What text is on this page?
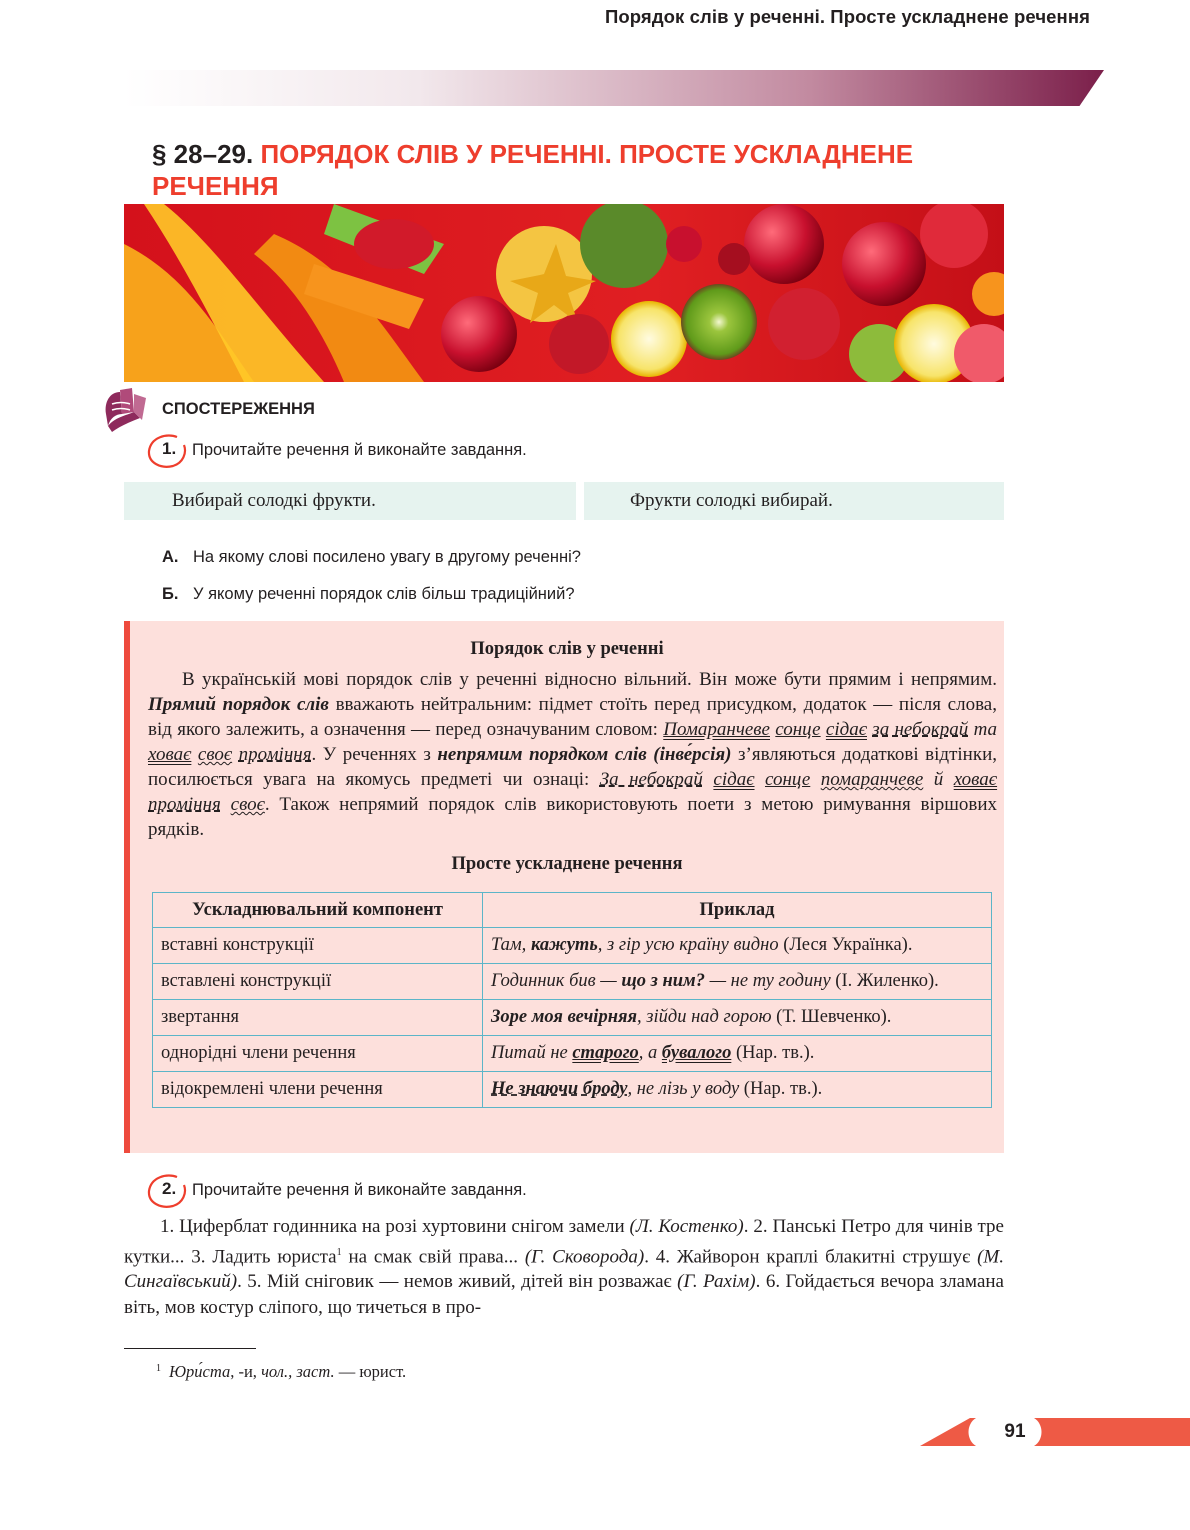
Порядок слів у реченні. Просте ускладнене речення
§ 28–29. ПОРЯДОК СЛІВ У РЕЧЕННІ. ПРОСТЕ УСКЛАДНЕНЕ РЕЧЕННЯ
СПОСТЕРЕЖЕННЯ
1. Прочитайте речення й виконайте завдання.
Вибирай солодкі фрукти.	Фрукти солодкі вибирай.
А. На якому слові посилено увагу в другому реченні?
Б. У якому реченні порядок слів більш традиційний?
Порядок слів у реченні

В українській мові порядок слів у реченні відносно вільний. Він може бути прямим і непрямим. Прямий порядок слів вважають нейтральним: підмет стоїть перед присудком, додаток — після слова, від якого залежить, а означення — перед означуваним словом: Помаранчеве сонце сідає за небокрай та ховає своє проміння. У реченнях з непрямим порядком слів (інве́рсія) з’являються додаткові відтінки, посилюється увага на якомусь предметі чи ознаці: За небокрай сідає сонце помаранчеве й ховає проміння своє. Також непрямий порядок слів використовують поети з метою римування віршових рядків.

Просте ускладнене речення
Ускладнювальний компонент	Приклад
вставні конструкції	Там, кажуть, з гір усю країну видно (Леся Українка).
вставлені конструкції	Годинник бив — що з ним? — не ту годину (І. Жиленко).
звертання	Зоре моя вечірняя, зійди над горою (Т. Шевченко).
однорідні члени речення	Питай не старого, а бувалого (Нар. тв.).
відокремлені члени речення	Не знаючи броду, не лізь у воду (Нар. тв.).
2. Прочитайте речення й виконайте завдання.

1. Циферблат годинника на розі хуртовини снігом замели (Л. Костенко). 2. Панські Петро для чинів тре кутки... 3. Ладить юриста$^1$ на смак свій права... (Г. Сковорода). 4. Жайворон краплі блакитні струшує (М. Сингаївський). 5. Мій сніговик — немов живий, дітей він розважає (Г. Рахім). 6. Гойдається вечора зламана віть, мов костур сліпого, що тичеться в про-

$^1$ Юри́ста, -и, чол., заст. — юрист.
91
